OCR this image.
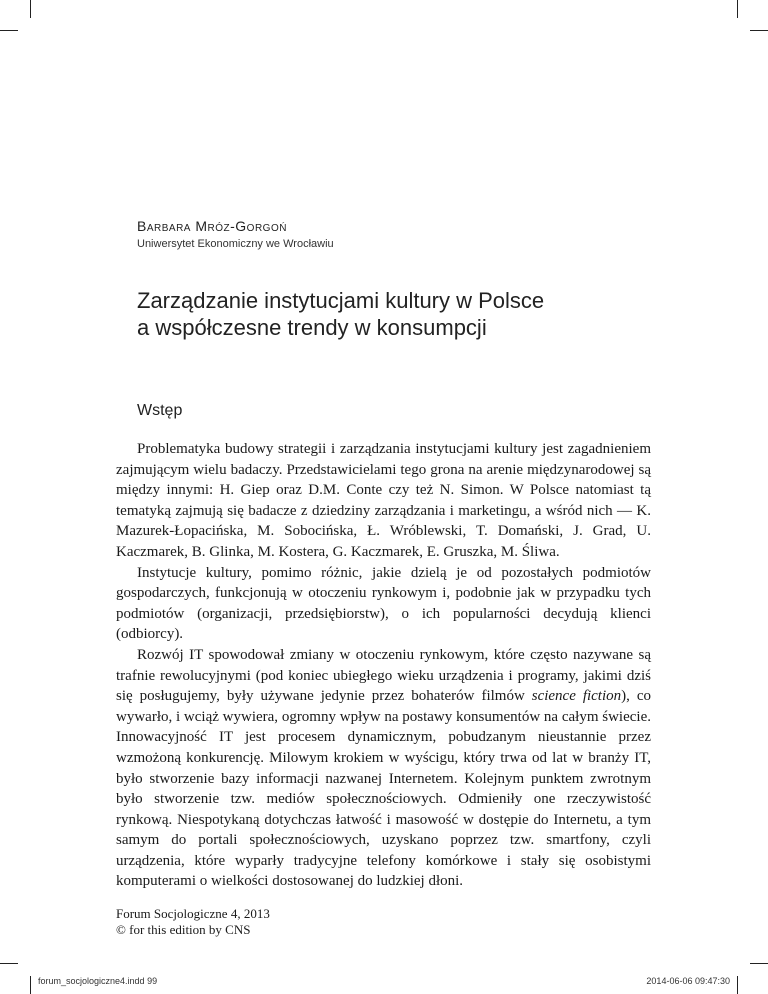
Barbara Mróz-Gorgoń
Uniwersytet Ekonomiczny we Wrocławiu
Zarządzanie instytucjami kultury w Polsce
a współczesne trendy w konsumpcji
Wstęp

Problematyka budowy strategii i zarządzania instytucjami kultury jest zagadnieniem zajmującym wielu badaczy. Przedstawicielami tego grona na arenie międzynarodowej są między innymi: H. Giep oraz D.M. Conte czy też N. Simon. W Polsce natomiast tą tematyką zajmują się badacze z dziedziny zarządzania i marketingu, a wśród nich — K. Mazurek-Łopacińska, M. Sobocińska, Ł. Wróblewski, T. Domański, J. Grad, U. Kaczmarek, B. Glinka, M. Kostera, G. Kaczmarek, E. Gruszka, M. Śliwa.

Instytucje kultury, pomimo różnic, jakie dzielą je od pozostałych podmiotów gospodarczych, funkcjonują w otoczeniu rynkowym i, podobnie jak w przypadku tych podmiotów (organizacji, przedsiębiorstw), o ich popularności decydują klienci (odbiorcy).

Rozwój IT spowodował zmiany w otoczeniu rynkowym, które często nazywane są trafnie rewolucyjnymi (pod koniec ubiegłego wieku urządzenia i programy, jakimi dziś się posługujemy, były używane jedynie przez bohaterów filmów science fiction), co wywarło, i wciąż wywiera, ogromny wpływ na postawy konsumentów na całym świecie. Innowacyjność IT jest procesem dynamicznym, pobudzanym nieustannie przez wzmożoną konkurencję. Milowym krokiem w wyścigu, który trwa od lat w branży IT, było stworzenie bazy informacji nazwanej Internetem. Kolejnym punktem zwrotnym było stworzenie tzw. mediów społecznościowych. Odmieniły one rzeczywistość rynkową. Niespotykaną dotychczas łatwość i masowość w dostępie do Internetu, a tym samym do portali społecznościowych, uzyskano poprzez tzw. smartfony, czyli urządzenia, które wyparły tradycyjne telefony komórkowe i stały się osobistymi komputerami o wielkości dostosowanej do ludzkiej dłoni.

Forum Socjologiczne 4, 2013
© for this edition by CNS
forum_socjologiczne4.indd 99	2014-06-06 09:47:30
